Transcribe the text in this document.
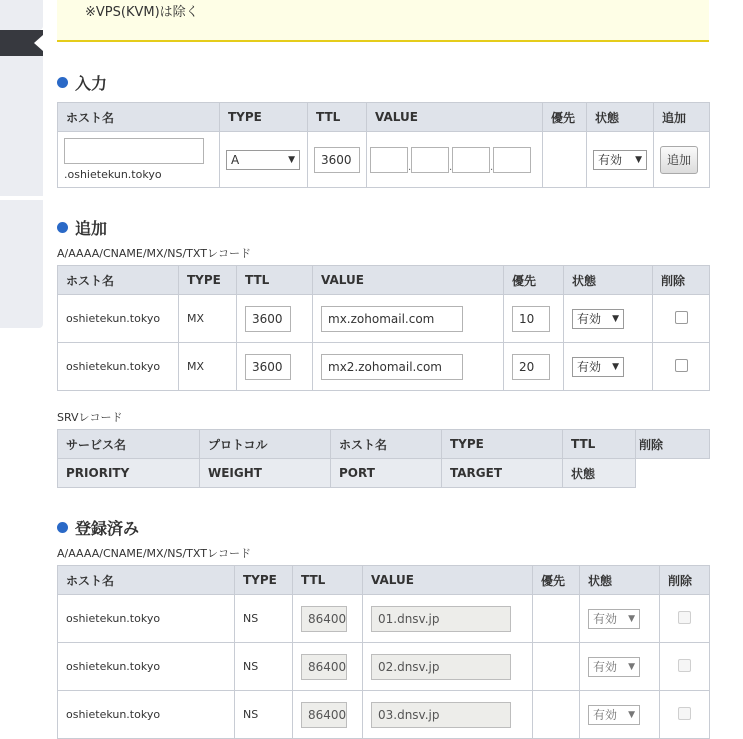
※VPS(KVM)は除く
入力
ホスト名	TYPE	TTL	VALUE	優先	状態	追加

.oshietekun.tokyo	A ▼	3600	. . .		有効 ▼	追加
追加
A/AAAA/CNAME/MX/NS/TXTレコード
ホスト名	TYPE	TTL	VALUE	優先	状態	削除
oshietekun.tokyo	MX	3600	mx.zohomail.com	10	有効 ▼	

oshietekun.tokyo	MX	3600	mx2.zohomail.com	20	有効 ▼	

SRVレコード
サービス名	プロトコル	ホスト名	TYPE	TTL	削除
PRIORITY	WEIGHT	PORT	TARGET	状態	
登録済み
A/AAAA/CNAME/MX/NS/TXTレコード
ホスト名	TYPE	TTL	VALUE	優先	状態	削除
oshietekun.tokyo	NS	86400	01.dnsv.jp		有効 ▼	

oshietekun.tokyo	NS	86400	02.dnsv.jp		有効 ▼	

oshietekun.tokyo	NS	86400	03.dnsv.jp		有効 ▼	
